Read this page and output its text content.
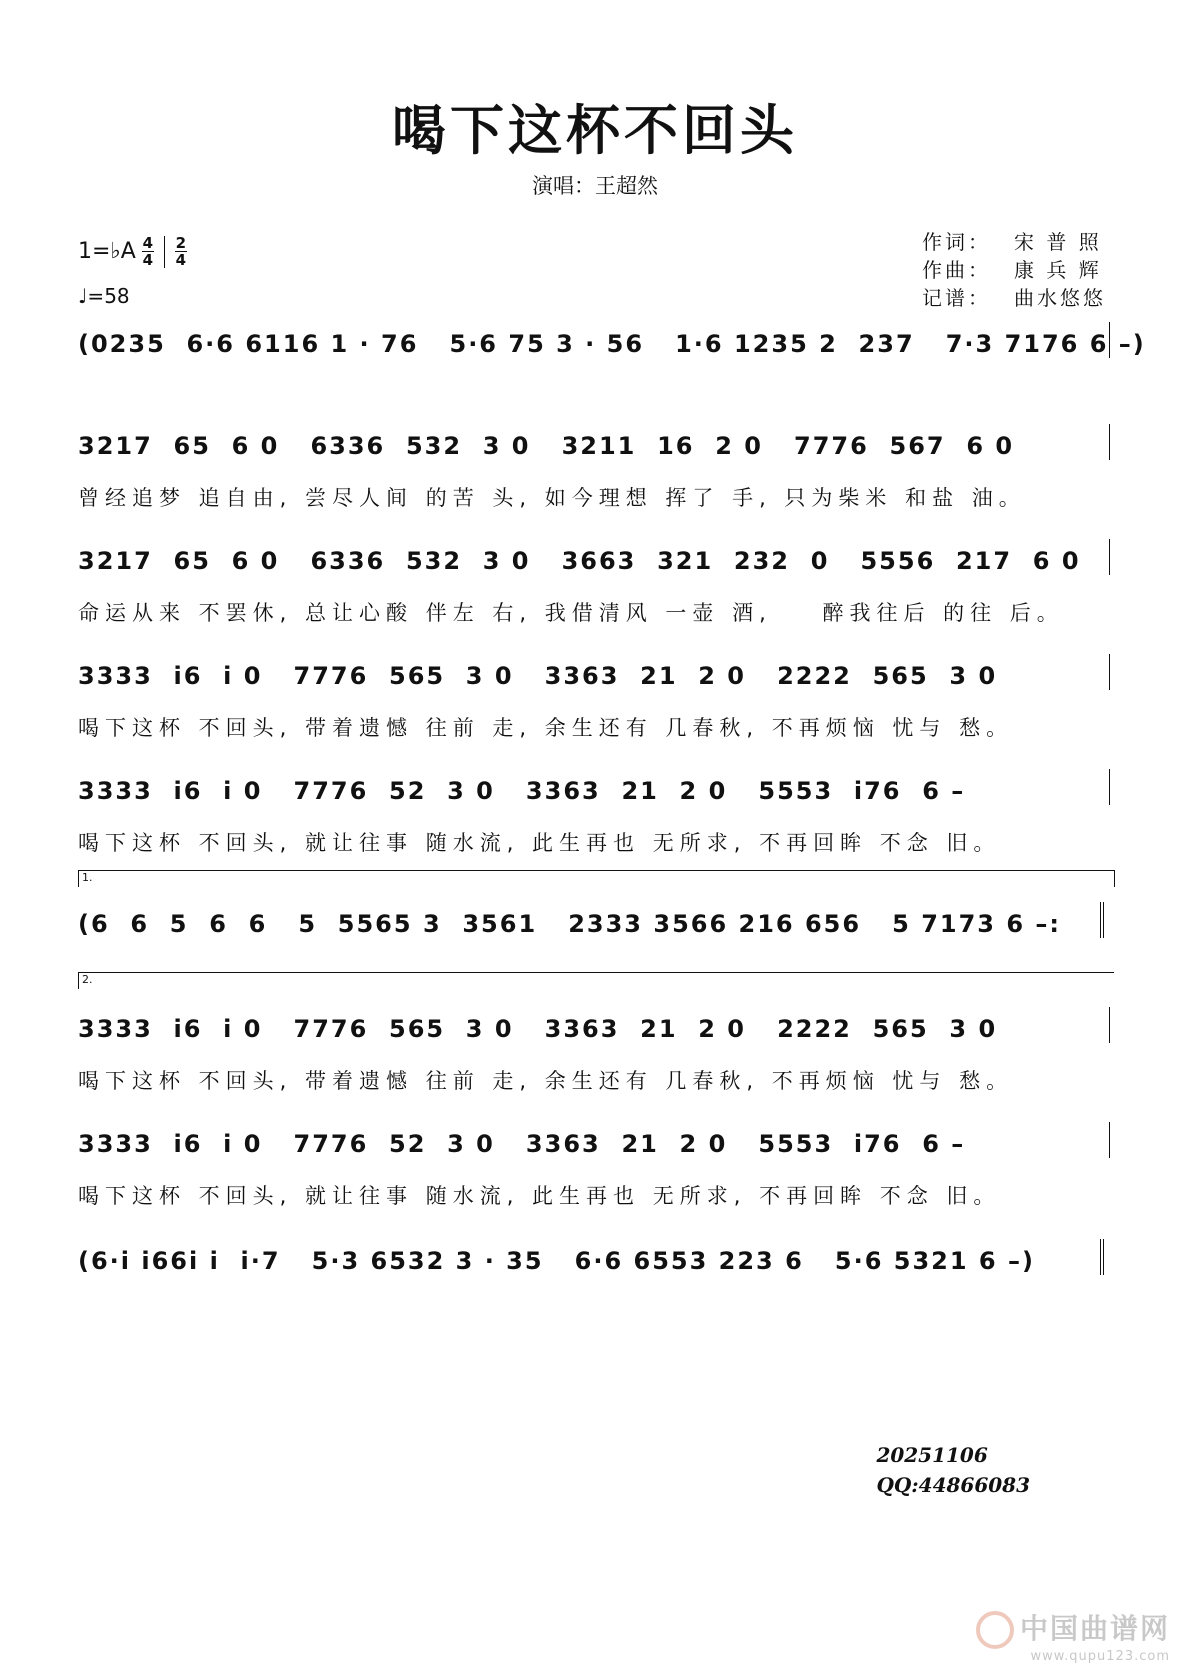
喝下这杯不回头
演唱：王超然
1=♭A $\frac{4}{4} \frac{2}{4}$
♩=58
作词：	宋 普 照
作曲：	康 兵 辉
记谱：	曲水悠悠
(0235  6·6 6116 1 · 76   5·6 75 3 · 56   1·6 1235 2  237   7·3 7176 6 –)
3217  65  6 0   6336  532  3 0   3211  16  2 0   7776  567  6 0
曾经追梦 追自由, 尝尽人间 的苦 头, 如今理想 挥了 手, 只为柴米 和盐 油。
3217  65  6 0   6336  532  3 0   3663  321  232  0   5556  217  6 0
命运从来 不罢休, 总让心酸 伴左 右, 我借清风 一壶 酒,    醉我往后 的往 后。
3333  i6  i 0   7776  565  3 0   3363  21  2 0   2222  565  3 0
喝下这杯 不回头, 带着遗憾 往前 走, 余生还有 几春秋, 不再烦恼 忧与 愁。
3333  i6  i 0   7776  52  3 0   3363  21  2 0   5553  i76  6 –
喝下这杯 不回头, 就让往事 随水流, 此生再也 无所求, 不再回眸 不念 旧。
1.
(6  6  5  6  6   5  5565 3  3561   2333 3566 216 656   5 7173 6 –:
2.
3333  i6  i 0   7776  565  3 0   3363  21  2 0   2222  565  3 0
喝下这杯 不回头, 带着遗憾 往前 走, 余生还有 几春秋, 不再烦恼 忧与 愁。
3333  i6  i 0   7776  52  3 0   3363  21  2 0   5553  i76  6 –
喝下这杯 不回头, 就让往事 随水流, 此生再也 无所求, 不再回眸 不念 旧。
(6·i i66i i  i·7   5·3 6532 3 · 35   6·6 6553 223 6   5·6 5321 6 –)
20251106
QQ:44866083
中国曲谱网
www.qupu123.com
